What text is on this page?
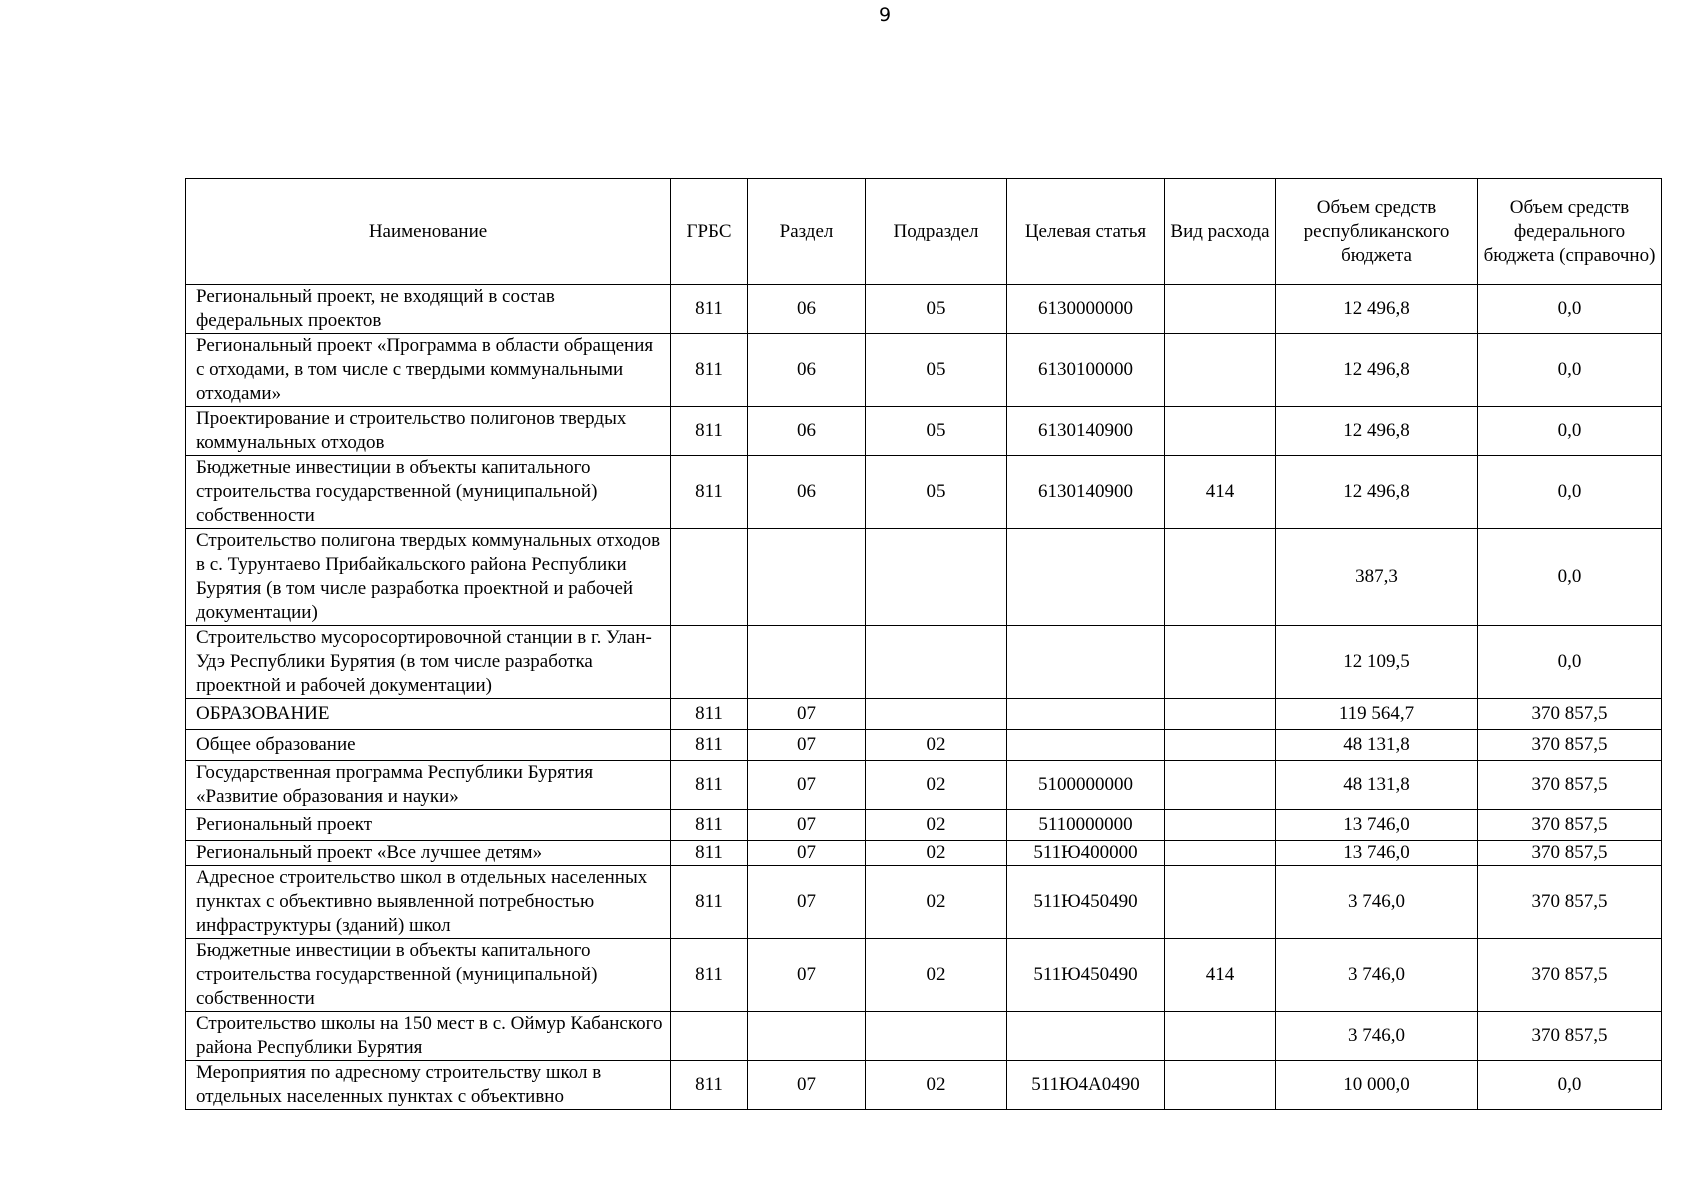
9
Наименование	ГРБС	Раздел	Подраздел	Целевая статья	Вид расхода	Объем средств республиканского бюджета	Объем средств федерального бюджета (справочно)
Региональный проект, не входящий в состав федеральных проектов	811	06	05	6130000000		12 496,8	0,0
Региональный проект «Программа в области обращения с отходами, в том числе с твердыми коммунальными отходами»	811	06	05	6130100000		12 496,8	0,0
Проектирование и строительство полигонов твердых коммунальных отходов	811	06	05	6130140900		12 496,8	0,0
Бюджетные инвестиции в объекты капитального строительства государственной (муниципальной) собственности	811	06	05	6130140900	414	12 496,8	0,0
Строительство полигона твердых коммунальных отходов в с. Турунтаево Прибайкальского района Республики Бурятия (в том числе разработка проектной и рабочей документации)						387,3	0,0
Строительство мусоросортировочной станции в г. Улан-Удэ Республики Бурятия (в том числе разработка проектной и рабочей документации)						12 109,5	0,0
ОБРАЗОВАНИЕ	811	07				119 564,7	370 857,5
Общее образование	811	07	02			48 131,8	370 857,5
Государственная программа Республики Бурятия «Развитие образования и науки»	811	07	02	5100000000		48 131,8	370 857,5
Региональный проект	811	07	02	5110000000		13 746,0	370 857,5
Региональный проект «Все лучшее детям»	811	07	02	511Ю400000		13 746,0	370 857,5
Адресное строительство школ в отдельных населенных пунктах с объективно выявленной потребностью инфраструктуры (зданий) школ	811	07	02	511Ю450490		3 746,0	370 857,5
Бюджетные инвестиции в объекты капитального строительства государственной (муниципальной) собственности	811	07	02	511Ю450490	414	3 746,0	370 857,5
Строительство школы на 150 мест в с. Оймур Кабанского района Республики Бурятия						3 746,0	370 857,5
Мероприятия по адресному строительству школ в отдельных населенных пунктах с объективно	811	07	02	511Ю4А0490		10 000,0	0,0
